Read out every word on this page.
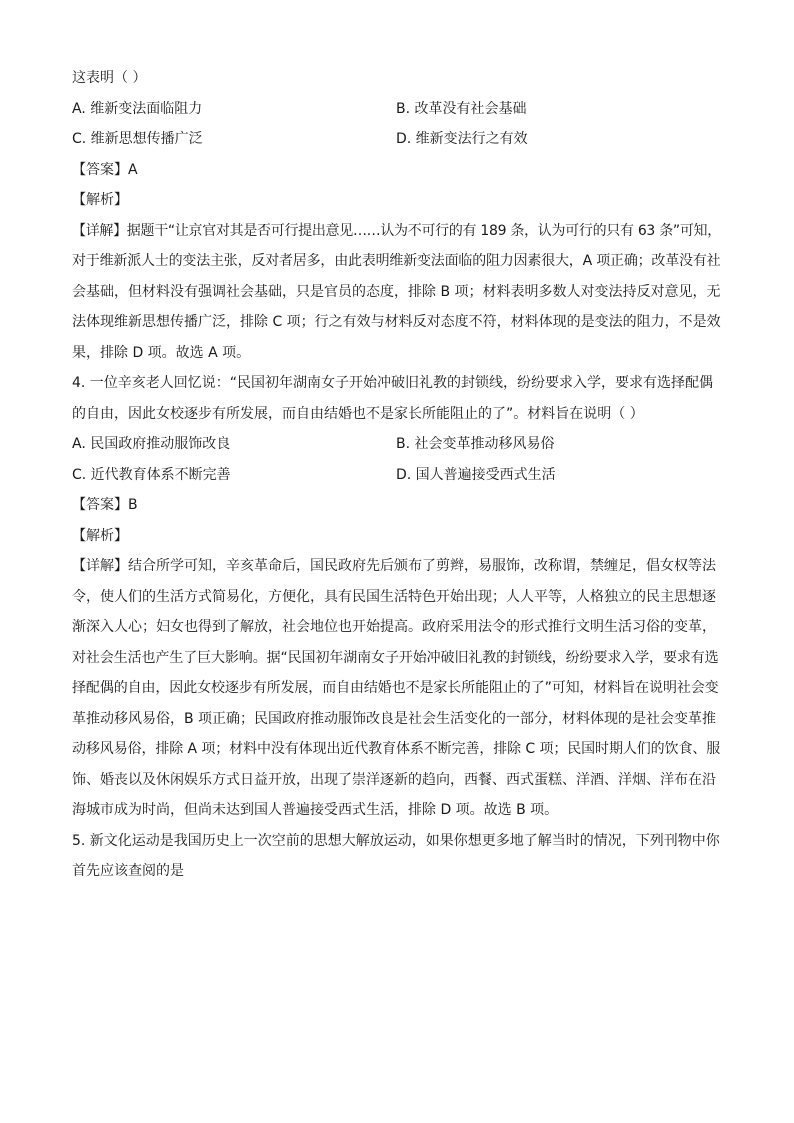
这表明（ ）
A. 维新变法面临阻力	B. 改革没有社会基础
C. 维新思想传播广泛	D. 维新变法行之有效
【答案】A
【解析】
【详解】据题干“让京官对其是否可行提出意见……认为不可行的有 189 条，认为可行的只有 63 条”可知，
对于维新派人士的变法主张，反对者居多，由此表明维新变法面临的阻力因素很大，A 项正确；改革没有社
会基础，但材料没有强调社会基础，只是官员的态度，排除 B 项；材料表明多数人对变法持反对意见，无
法体现维新思想传播广泛，排除 C 项；行之有效与材料反对态度不符，材料体现的是变法的阻力，不是效
果，排除 D 项。故选 A 项。
4. 一位辛亥老人回忆说：“民国初年湖南女子开始冲破旧礼教的封锁线，纷纷要求入学，要求有选择配偶
的自由，因此女校逐步有所发展，而自由结婚也不是家长所能阻止的了”。材料旨在说明（ ）
A. 民国政府推动服饰改良	B. 社会变革推动移风易俗
C. 近代教育体系不断完善	D. 国人普遍接受西式生活
【答案】B
【解析】
【详解】结合所学可知，辛亥革命后，国民政府先后颁布了剪辫，易服饰，改称谓，禁缠足，倡女权等法
令，使人们的生活方式简易化，方便化，具有民国生活特色开始出现；人人平等，人格独立的民主思想逐
渐深入人心；妇女也得到了解放，社会地位也开始提高。政府采用法令的形式推行文明生活习俗的变革，
对社会生活也产生了巨大影响。据“民国初年湖南女子开始冲破旧礼教的封锁线，纷纷要求入学，要求有选
择配偶的自由，因此女校逐步有所发展，而自由结婚也不是家长所能阻止的了”可知，材料旨在说明社会变
革推动移风易俗，B 项正确；民国政府推动服饰改良是社会生活变化的一部分，材料体现的是社会变革推
动移风易俗，排除 A 项；材料中没有体现出近代教育体系不断完善，排除 C 项；民国时期人们的饮食、服
饰、婚丧以及休闲娱乐方式日益开放，出现了崇洋逐新的趋向，西餐、西式蛋糕、洋酒、洋烟、洋布在沿
海城市成为时尚，但尚未达到国人普遍接受西式生活，排除 D 项。故选 B 项。
5. 新文化运动是我国历史上一次空前的思想大解放运动，如果你想更多地了解当时的情况，下列刊物中你
首先应该查阅的是
